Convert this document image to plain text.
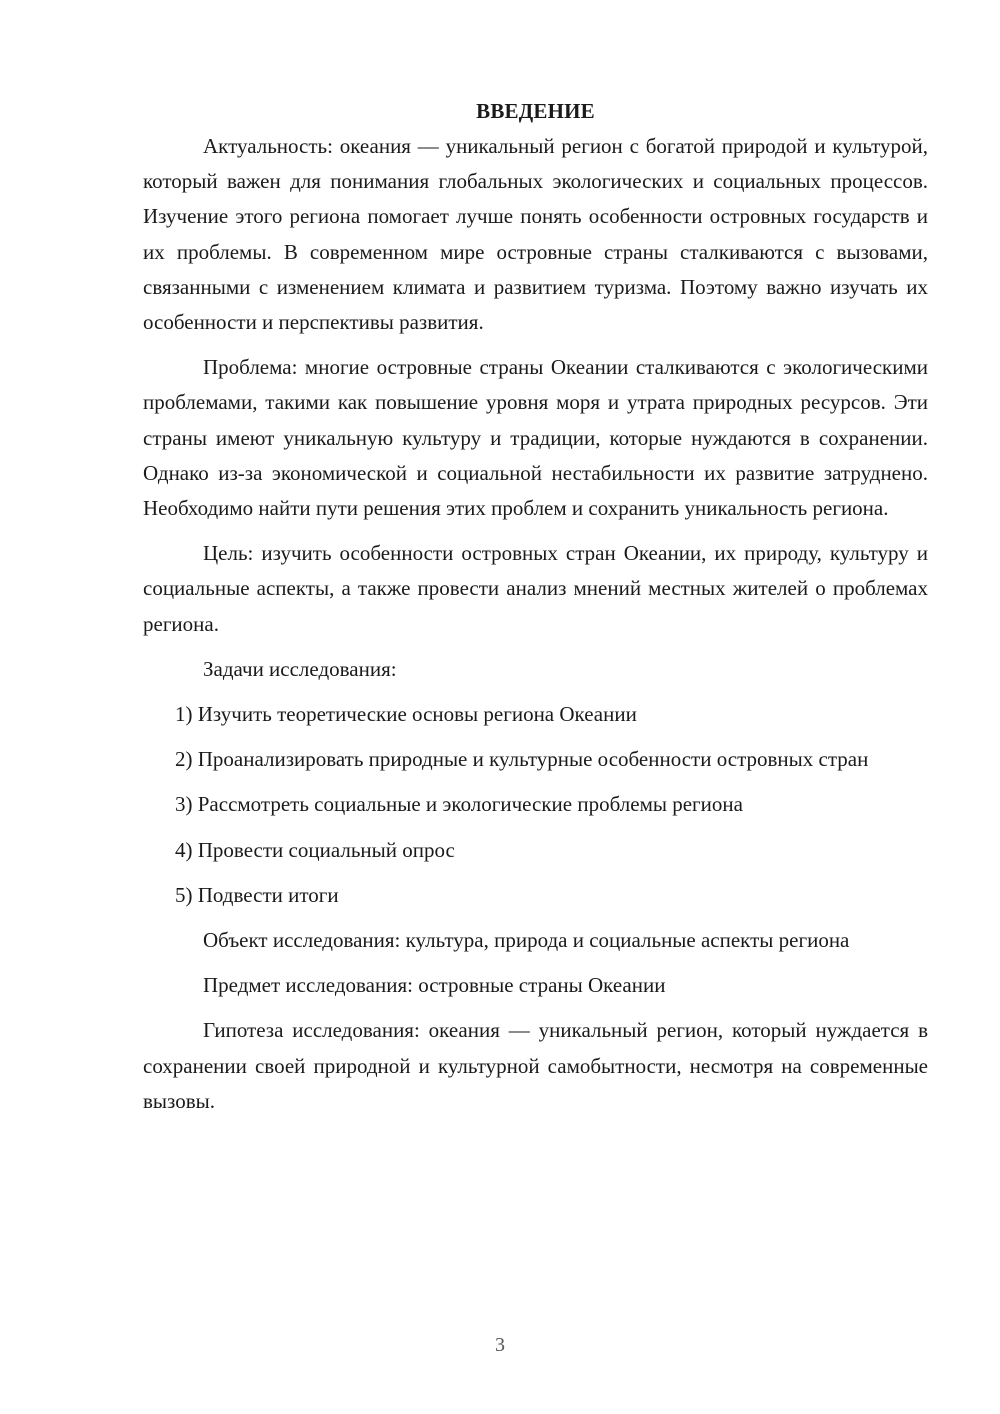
ВВЕДЕНИЕ

Актуальность: океания — уникальный регион с богатой природой и культурой, который важен для понимания глобальных экологических и социальных процессов. Изучение этого региона помогает лучше понять особенности островных государств и их проблемы. В современном мире островные страны сталкиваются с вызовами, связанными с изменением климата и развитием туризма. Поэтому важно изучать их особенности и перспективы развития.

Проблема: многие островные страны Океании сталкиваются с экологическими проблемами, такими как повышение уровня моря и утрата природных ресурсов. Эти страны имеют уникальную культуру и традиции, которые нуждаются в сохранении. Однако из-за экономической и социальной нестабильности их развитие затруднено. Необходимо найти пути решения этих проблем и сохранить уникальность региона.

Цель: изучить особенности островных стран Океании, их природу, культуру и социальные аспекты, а также провести анализ мнений местных жителей о проблемах региона.

Задачи исследования:

1) Изучить теоретические основы региона Океании

2) Проанализировать природные и культурные особенности островных стран

3) Рассмотреть социальные и экологические проблемы региона

4) Провести социальный опрос

5) Подвести итоги

Объект исследования: культура, природа и социальные аспекты региона

Предмет исследования: островные страны Океании

Гипотеза исследования: океания — уникальный регион, который нуждается в сохранении своей природной и культурной самобытности, несмотря на современные вызовы.

3
